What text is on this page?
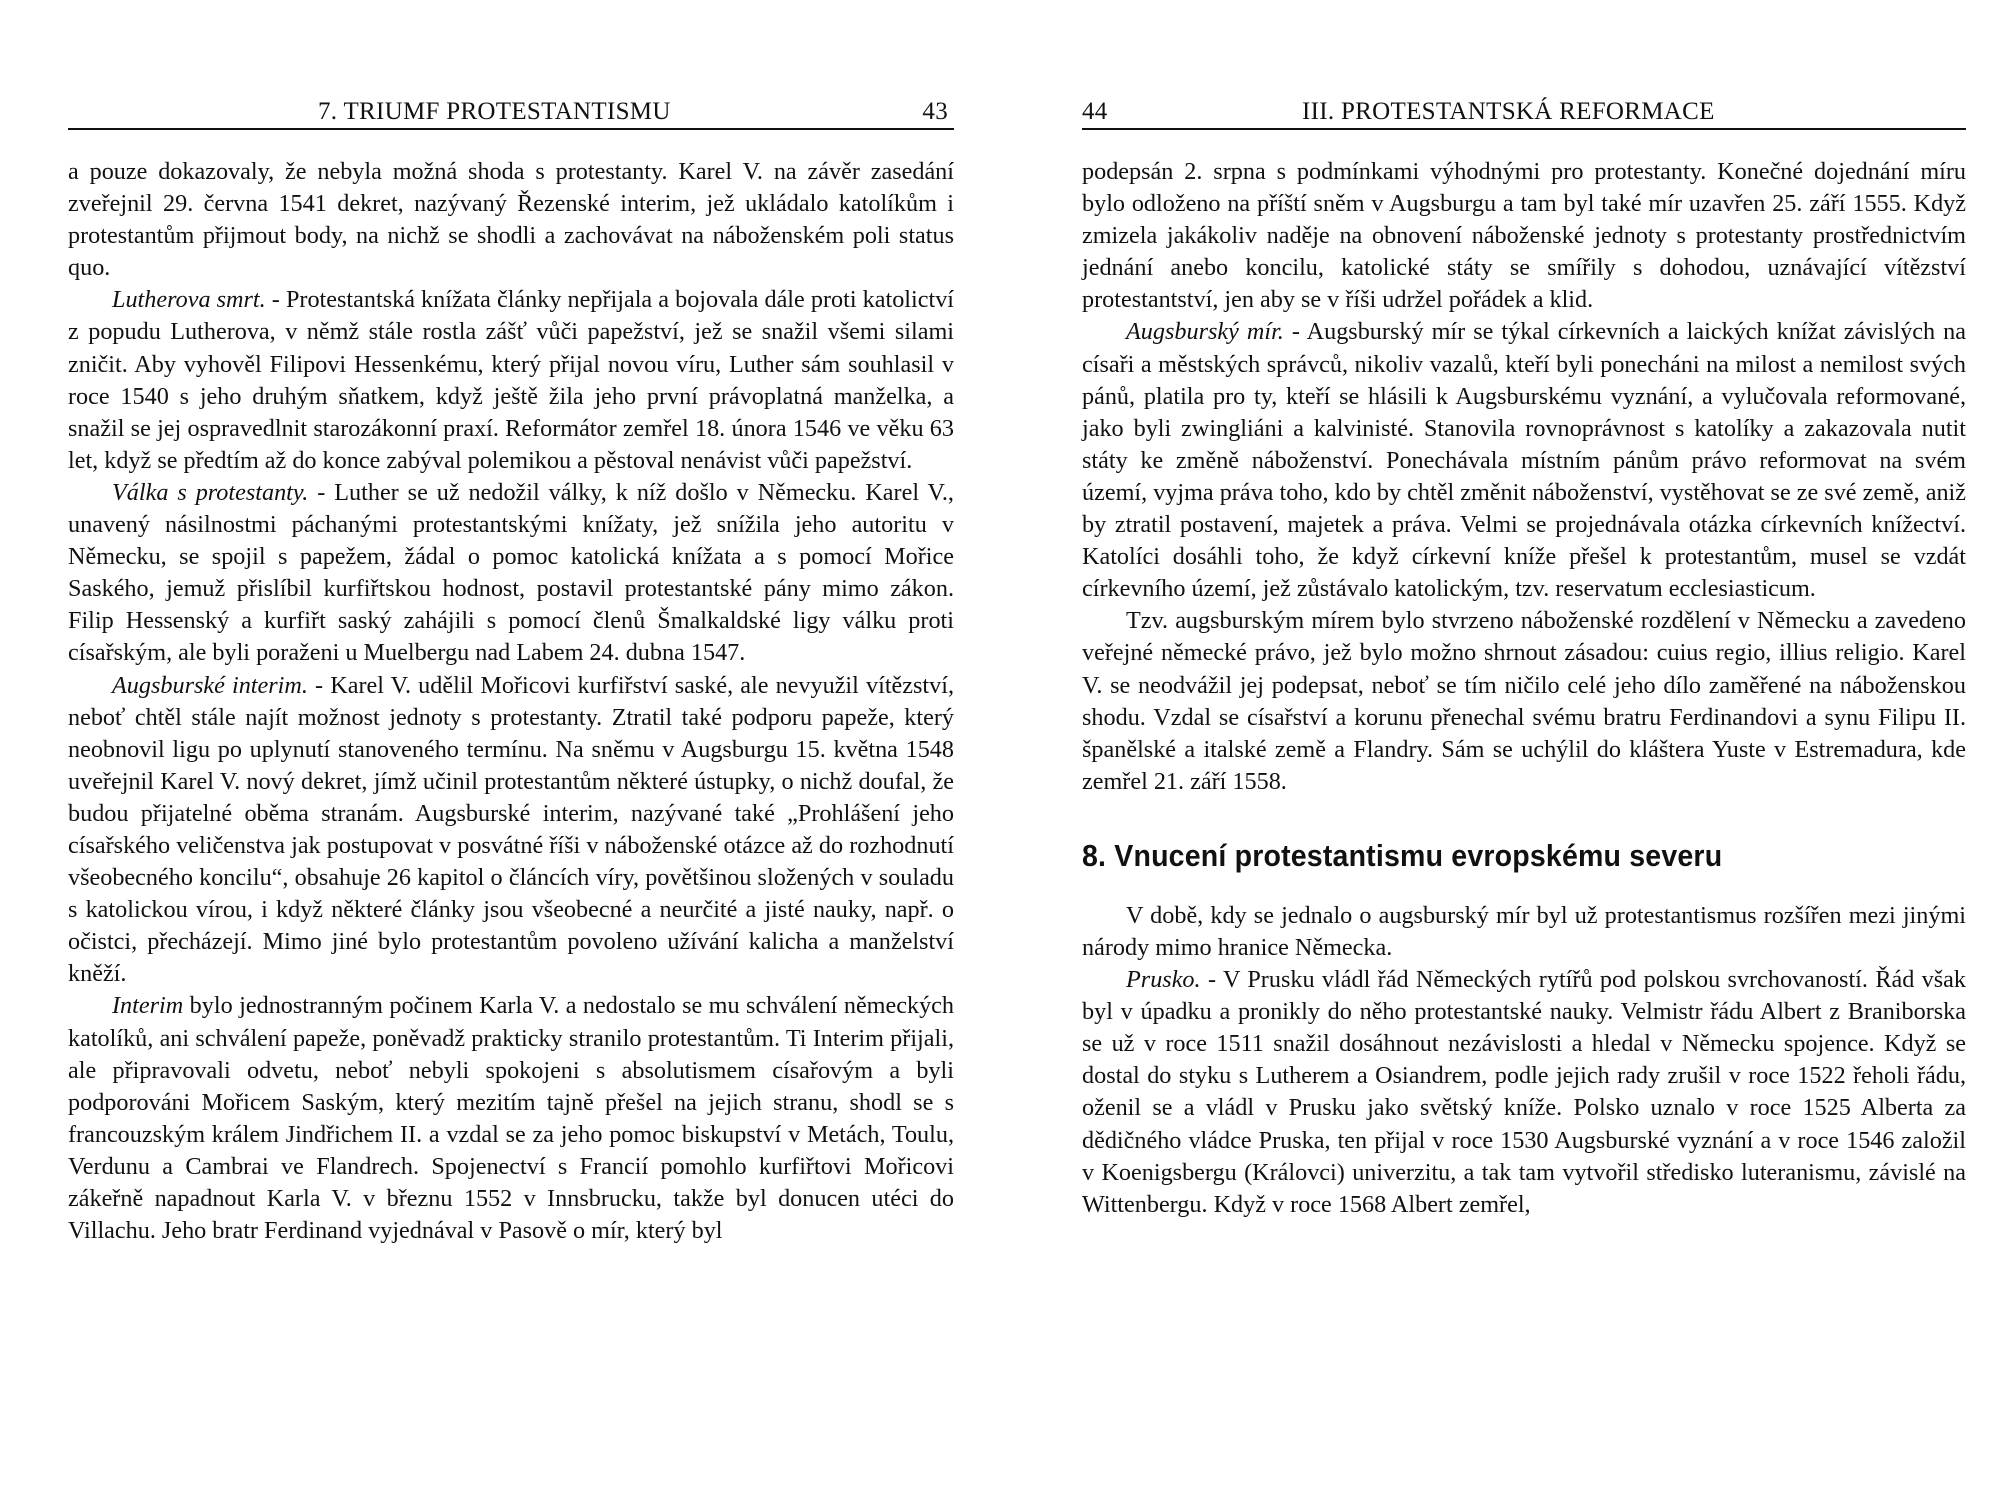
7. TRIUMF PROTESTANTISMU	43

a pouze dokazovaly, že nebyla možná shoda s protestanty. Karel V. na závěr zasedání zveřejnil 29. června 1541 dekret, nazývaný Řezenské interim, jež ukládalo katolíkům i protestantům přijmout body, na nichž se shodli a zachovávat na náboženském poli status quo.

Lutherova smrt. - Protestantská knížata články nepřijala a bojovala dále proti katolictví z popudu Lutherova, v němž stále rostla zášť vůči papežství, jež se snažil všemi silami zničit. Aby vyhověl Filipovi Hessenkému, který přijal novou víru, Luther sám souhlasil v roce 1540 s jeho druhým sňatkem, když ještě žila jeho první právoplatná manželka, a snažil se jej ospravedlnit starozákonní praxí. Reformátor zemřel 18. února 1546 ve věku 63 let, když se předtím až do konce zabýval polemikou a pěstoval nenávist vůči papežství.

Válka s protestanty. - Luther se už nedožil války, k níž došlo v Německu. Karel V., unavený násilnostmi páchanými protestantskými knížaty, jež snížila jeho autoritu v Německu, se spojil s papežem, žádal o pomoc katolická knížata a s pomocí Mořice Saského, jemuž přislíbil kurfiřtskou hodnost, postavil protestantské pány mimo zákon. Filip Hessenský a kurfiřt saský zahájili s pomocí členů Šmalkaldské ligy válku proti císařským, ale byli poraženi u Muelbergu nad Labem 24. dubna 1547.

Augsburské interim. - Karel V. udělil Mořicovi kurfiřství saské, ale nevyužil vítězství, neboť chtěl stále najít možnost jednoty s protestanty. Ztratil také podporu papeže, který neobnovil ligu po uplynutí stanoveného termínu. Na sněmu v Augsburgu 15. května 1548 uveřejnil Karel V. nový dekret, jímž učinil protestantům některé ústupky, o nichž doufal, že budou přijatelné oběma stranám. Augsburské interim, nazývané také „Prohlášení jeho císařského veličenstva jak postupovat v posvátné říši v náboženské otázce až do rozhodnutí všeobecného koncilu“, obsahuje 26 kapitol o článcích víry, povětšinou složených v souladu s katolickou vírou, i když některé články jsou všeobecné a neurčité a jisté nauky, např. o očistci, přecházejí. Mimo jiné bylo protestantům povoleno užívání kalicha a manželství kněží.

Interim bylo jednostranným počinem Karla V. a nedostalo se mu schválení německých katolíků, ani schválení papeže, poněvadž prakticky stranilo protestantům. Ti Interim přijali, ale připravovali odvetu, neboť nebyli spokojeni s absolutismem císařovým a byli podporováni Mořicem Saským, který mezitím tajně přešel na jejich stranu, shodl se s francouzským králem Jindřichem II. a vzdal se za jeho pomoc biskupství v Metách, Toulu, Verdunu a Cambrai ve Flandrech. Spojenectví s Francií pomohlo kurfiřtovi Mořicovi zákeřně napadnout Karla V. v březnu 1552 v Innsbrucku, takže byl donucen utéci do Villachu. Jeho bratr Ferdinand vyjednával v Pasově o mír, který byl

44	III. PROTESTANTSKÁ REFORMACE

podepsán 2. srpna s podmínkami výhodnými pro protestanty. Konečné dojednání míru bylo odloženo na příští sněm v Augsburgu a tam byl také mír uzavřen 25. září 1555. Když zmizela jakákoliv naděje na obnovení náboženské jednoty s protestanty prostřednictvím jednání anebo koncilu, katolické státy se smířily s dohodou, uznávající vítězství protestantství, jen aby se v říši udržel pořádek a klid.

Augsburský mír. - Augsburský mír se týkal církevních a laických knížat závislých na císaři a městských správců, nikoliv vazalů, kteří byli ponecháni na milost a nemilost svých pánů, platila pro ty, kteří se hlásili k Augsburskému vyznání, a vylučovala reformované, jako byli zwingliáni a kalvinisté. Stanovila rovnoprávnost s katolíky a zakazovala nutit státy ke změně náboženství. Ponechávala místním pánům právo reformovat na svém území, vyjma práva toho, kdo by chtěl změnit náboženství, vystěhovat se ze své země, aniž by ztratil postavení, majetek a práva. Velmi se projednávala otázka církevních knížectví. Katolíci dosáhli toho, že když církevní kníže přešel k protestantům, musel se vzdát církevního území, jež zůstávalo katolickým, tzv. reservatum ecclesiasticum.

Tzv. augsburským mírem bylo stvrzeno náboženské rozdělení v Německu a zavedeno veřejné německé právo, jež bylo možno shrnout zásadou: cuius regio, illius religio. Karel V. se neodvážil jej podepsat, neboť se tím ničilo celé jeho dílo zaměřené na náboženskou shodu. Vzdal se císařství a korunu přenechal svému bratru Ferdinandovi a synu Filipu II. španělské a italské země a Flandry. Sám se uchýlil do kláštera Yuste v Estremadura, kde zemřel 21. září 1558.

8. Vnucení protestantismu evropskému severu

V době, kdy se jednalo o augsburský mír byl už protestantismus rozšířen mezi jinými národy mimo hranice Německa.

Prusko. - V Prusku vládl řád Německých rytířů pod polskou svrchovaností. Řád však byl v úpadku a pronikly do něho protestantské nauky. Velmistr řádu Albert z Braniborska se už v roce 1511 snažil dosáhnout nezávislosti a hledal v Německu spojence. Když se dostal do styku s Lutherem a Osiandrem, podle jejich rady zrušil v roce 1522 řeholi řádu, oženil se a vládl v Prusku jako světský kníže. Polsko uznalo v roce 1525 Alberta za dědičného vládce Pruska, ten přijal v roce 1530 Augsburské vyznání a v roce 1546 založil v Koenigsbergu (Královci) univerzitu, a tak tam vytvořil středisko luteranismu, závislé na Wittenbergu. Když v roce 1568 Albert zemřel,
